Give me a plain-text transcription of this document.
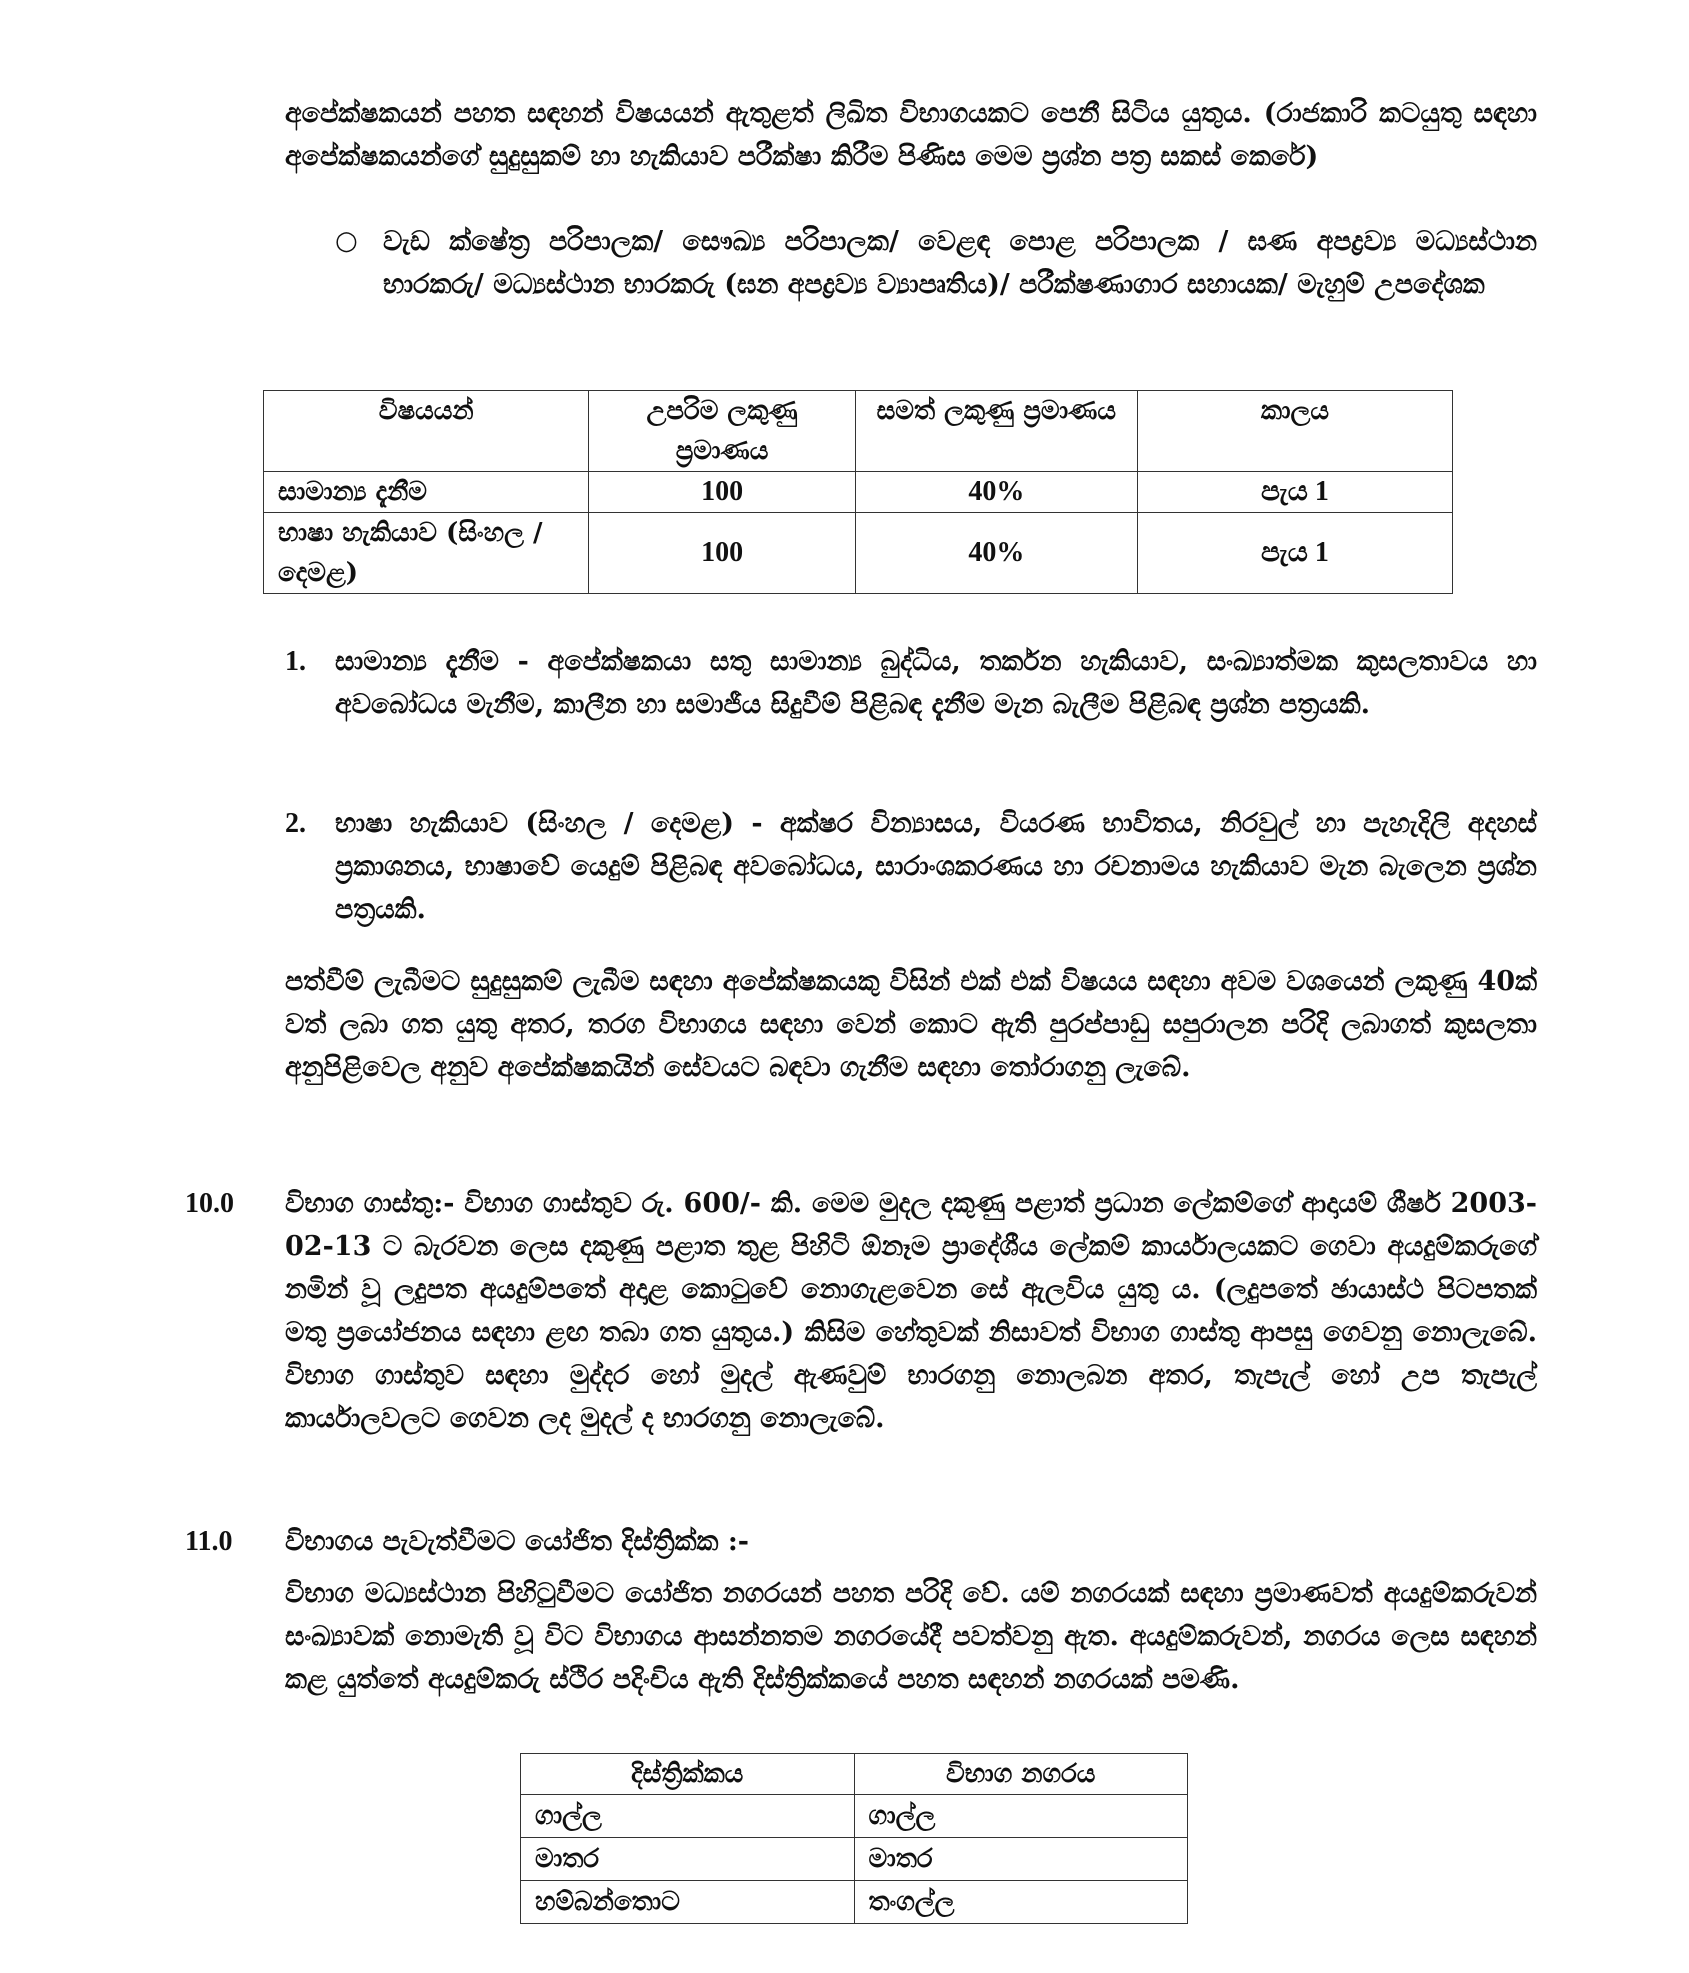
අපේක්ෂකයන් පහත සඳහන් විෂයයන් ඇතුළත් ලිඛිත විභාගයකට පෙනී සිටිය යුතුය. (රාජකාරි කටයුතු සඳහා අපේක්ෂකයන්ගේ සුදුසුකම් හා හැකියාව පරීක්ෂා කිරීම පිණිස මෙම ප්‍රශ්න පත්‍ර සකස් කෙරේ)
○ වැඩ ක්ෂේත්‍ර පරිපාලක/ සෞඛ්‍ය පරිපාලක/ වෙළඳ පොළ පරිපාලක / ඝණ අපද්‍රව්‍ය මධ්‍යස්ථාන භාරකරු/ මධ්‍යස්ථාන භාරකරු (ඝන අපද්‍රව්‍ය ව්‍යාපෘතිය)/ පරීක්ෂණාගාර සහායක/ මැහුම් උපදේශක
විෂයයන්	උපරිම ලකුණු ප්‍රමාණය	සමත් ලකුණු ප්‍රමාණය	කාලය
සාමාන්‍ය දැනීම	100	40%	පැය 1
භාෂා හැකියාව (සිංහල / දෙමළ)	100	40%	පැය 1
1. සාමාන්‍ය දැනීම - අපේක්ෂකයා සතු සාමාන්‍ය බුද්ධිය, තර්කන හැකියාව, සංඛ්‍යාත්මක කුසලතාවය හා අවබෝධය මැනීම, කාලීන හා සමාජීය සිදුවීම් පිළිබඳ දැනීම මැන බැලීම පිළිබඳ ප්‍රශ්න පත්‍රයකි.
2. භාෂා හැකියාව (සිංහල / දෙමළ) - අක්ෂර වින්‍යාසය, වියරණ භාවිතය, නිරවුල් හා පැහැදිලි අදහස් ප්‍රකාශනය, භාෂාවේ යෙදුම් පිළිබඳ අවබෝධය, සාරාංශකරණය හා රචනාමය හැකියාව මැන බැලෙන ප්‍රශ්න පත්‍රයකි.
පත්වීම් ලැබීමට සුදුසුකම් ලැබීම සඳහා අපේක්ෂකයකු විසින් එක් එක් විෂයය සඳහා අවම වශයෙන් ලකුණු 40ක් වත් ලබා ගත යුතු අතර, තරග විභාගය සඳහා වෙන් කොට ඇති පුරප්පාඩු සපුරාලන පරිදි ලබාගත් කුසලතා අනුපිළිවෙල අනුව අපේක්ෂකයින් සේවයට බඳවා ගැනීම සඳහා තෝරාගනු ලැබේ.
10.0 විභාග ගාස්තු:- විභාග ගාස්තුව රු. 600/- කි. මෙම මුදල දකුණු පළාත් ප්‍රධාන ලේකම්ගේ ආදායම් ශීර්ෂ 2003-02-13 ට බැරවන ලෙස දකුණු පළාත තුළ පිහිටි ඕනෑම ප්‍රාදේශීය ලේකම් කාර්යාලයකට ගෙවා අයදුම්කරුගේ නමින් වූ ලදුපත අයදුම්පතේ අදාළ කොටුවේ නොගැළවෙන සේ ඇලවිය යුතු ය. (ලදුපතේ ඡායාස්ථ පිටපතක් මතු ප්‍රයෝජනය සඳහා ළඟ තබා ගත යුතුය.) කිසිම හේතුවක් නිසාවත් විභාග ගාස්තු ආපසු ගෙවනු නොලැබේ. විභාග ගාස්තුව සඳහා මුද්දර හෝ මුදල් ඇණවුම් භාරගනු නොලබන අතර, තැපැල් හෝ උප තැපැල් කාර්යාලවලට ගෙවන ලද මුදල් ද භාරගනු නොලැබේ.
11.0 විභාගය පැවැත්වීමට යෝජිත දිස්ත්‍රික්ක :-
විභාග මධ්‍යස්ථාන පිහිටුවීමට යෝජිත නගරයන් පහත පරිදි වේ. යම් නගරයක් සඳහා ප්‍රමාණවත් අයදුම්කරුවන් සංඛ්‍යාවක් නොමැති වූ විට විභාගය ආසන්නතම නගරයේදී පවත්වනු ඇත. අයදුම්කරුවන්, නගරය ලෙස සඳහන් කළ යුත්තේ අයදුම්කරු ස්ථිර පදිංචිය ඇති දිස්ත්‍රික්කයේ පහත සඳහන් නගරයක් පමණි.
දිස්ත්‍රික්කය	විභාග නගරය
ගාල්ල	ගාල්ල
මාතර	මාතර
හම්බන්තොට	තංගල්ල
